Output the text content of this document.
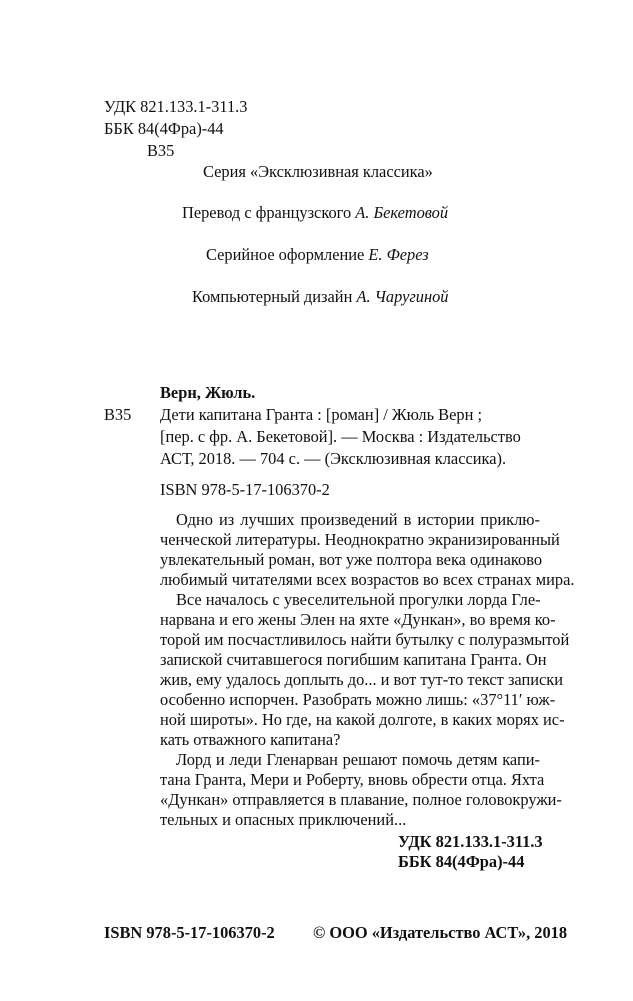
УДК 821.133.1-311.3
ББК 84(4Фра)-44
В35
Серия «Эксклюзивная классика»
Перевод с французского А. Бекетовой
Серийное оформление Е. Ферез
Компьютерный дизайн А. Чаругиной
Верн, Жюль.
В35 Дети капитана Гранта : [роман] / Жюль Верн ;
[пер. с фр. А. Бекетовой]. — Москва : Издательство
АСТ, 2018. — 704 с. — (Эксклюзивная классика).
ISBN 978-5-17-106370-2
Одно из лучших произведений в истории приклю-
ченческой литературы. Неоднократно экранизированный
увлекательный роман, вот уже полтора века одинаково
любимый читателями всех возрастов во всех странах мира.
Все началось с увеселительной прогулки лорда Гле-
нарвана и его жены Элен на яхте «Дункан», во время ко-
торой им посчастливилось найти бутылку с полуразмытой
запиской считавшегося погибшим капитана Гранта. Он
жив, ему удалось доплыть до... и вот тут-то текст записки
особенно испорчен. Разобрать можно лишь: «37°11′ юж-
ной широты». Но где, на какой долготе, в каких морях ис-
кать отважного капитана?
Лорд и леди Гленарван решают помочь детям капи-
тана Гранта, Мери и Роберту, вновь обрести отца. Яхта
«Дункан» отправляется в плавание, полное головокружи-
тельных и опасных приключений...
УДК 821.133.1-311.3
ББК 84(4Фра)-44
ISBN 978-5-17-106370-2 © ООО «Издательство АСТ», 2018
